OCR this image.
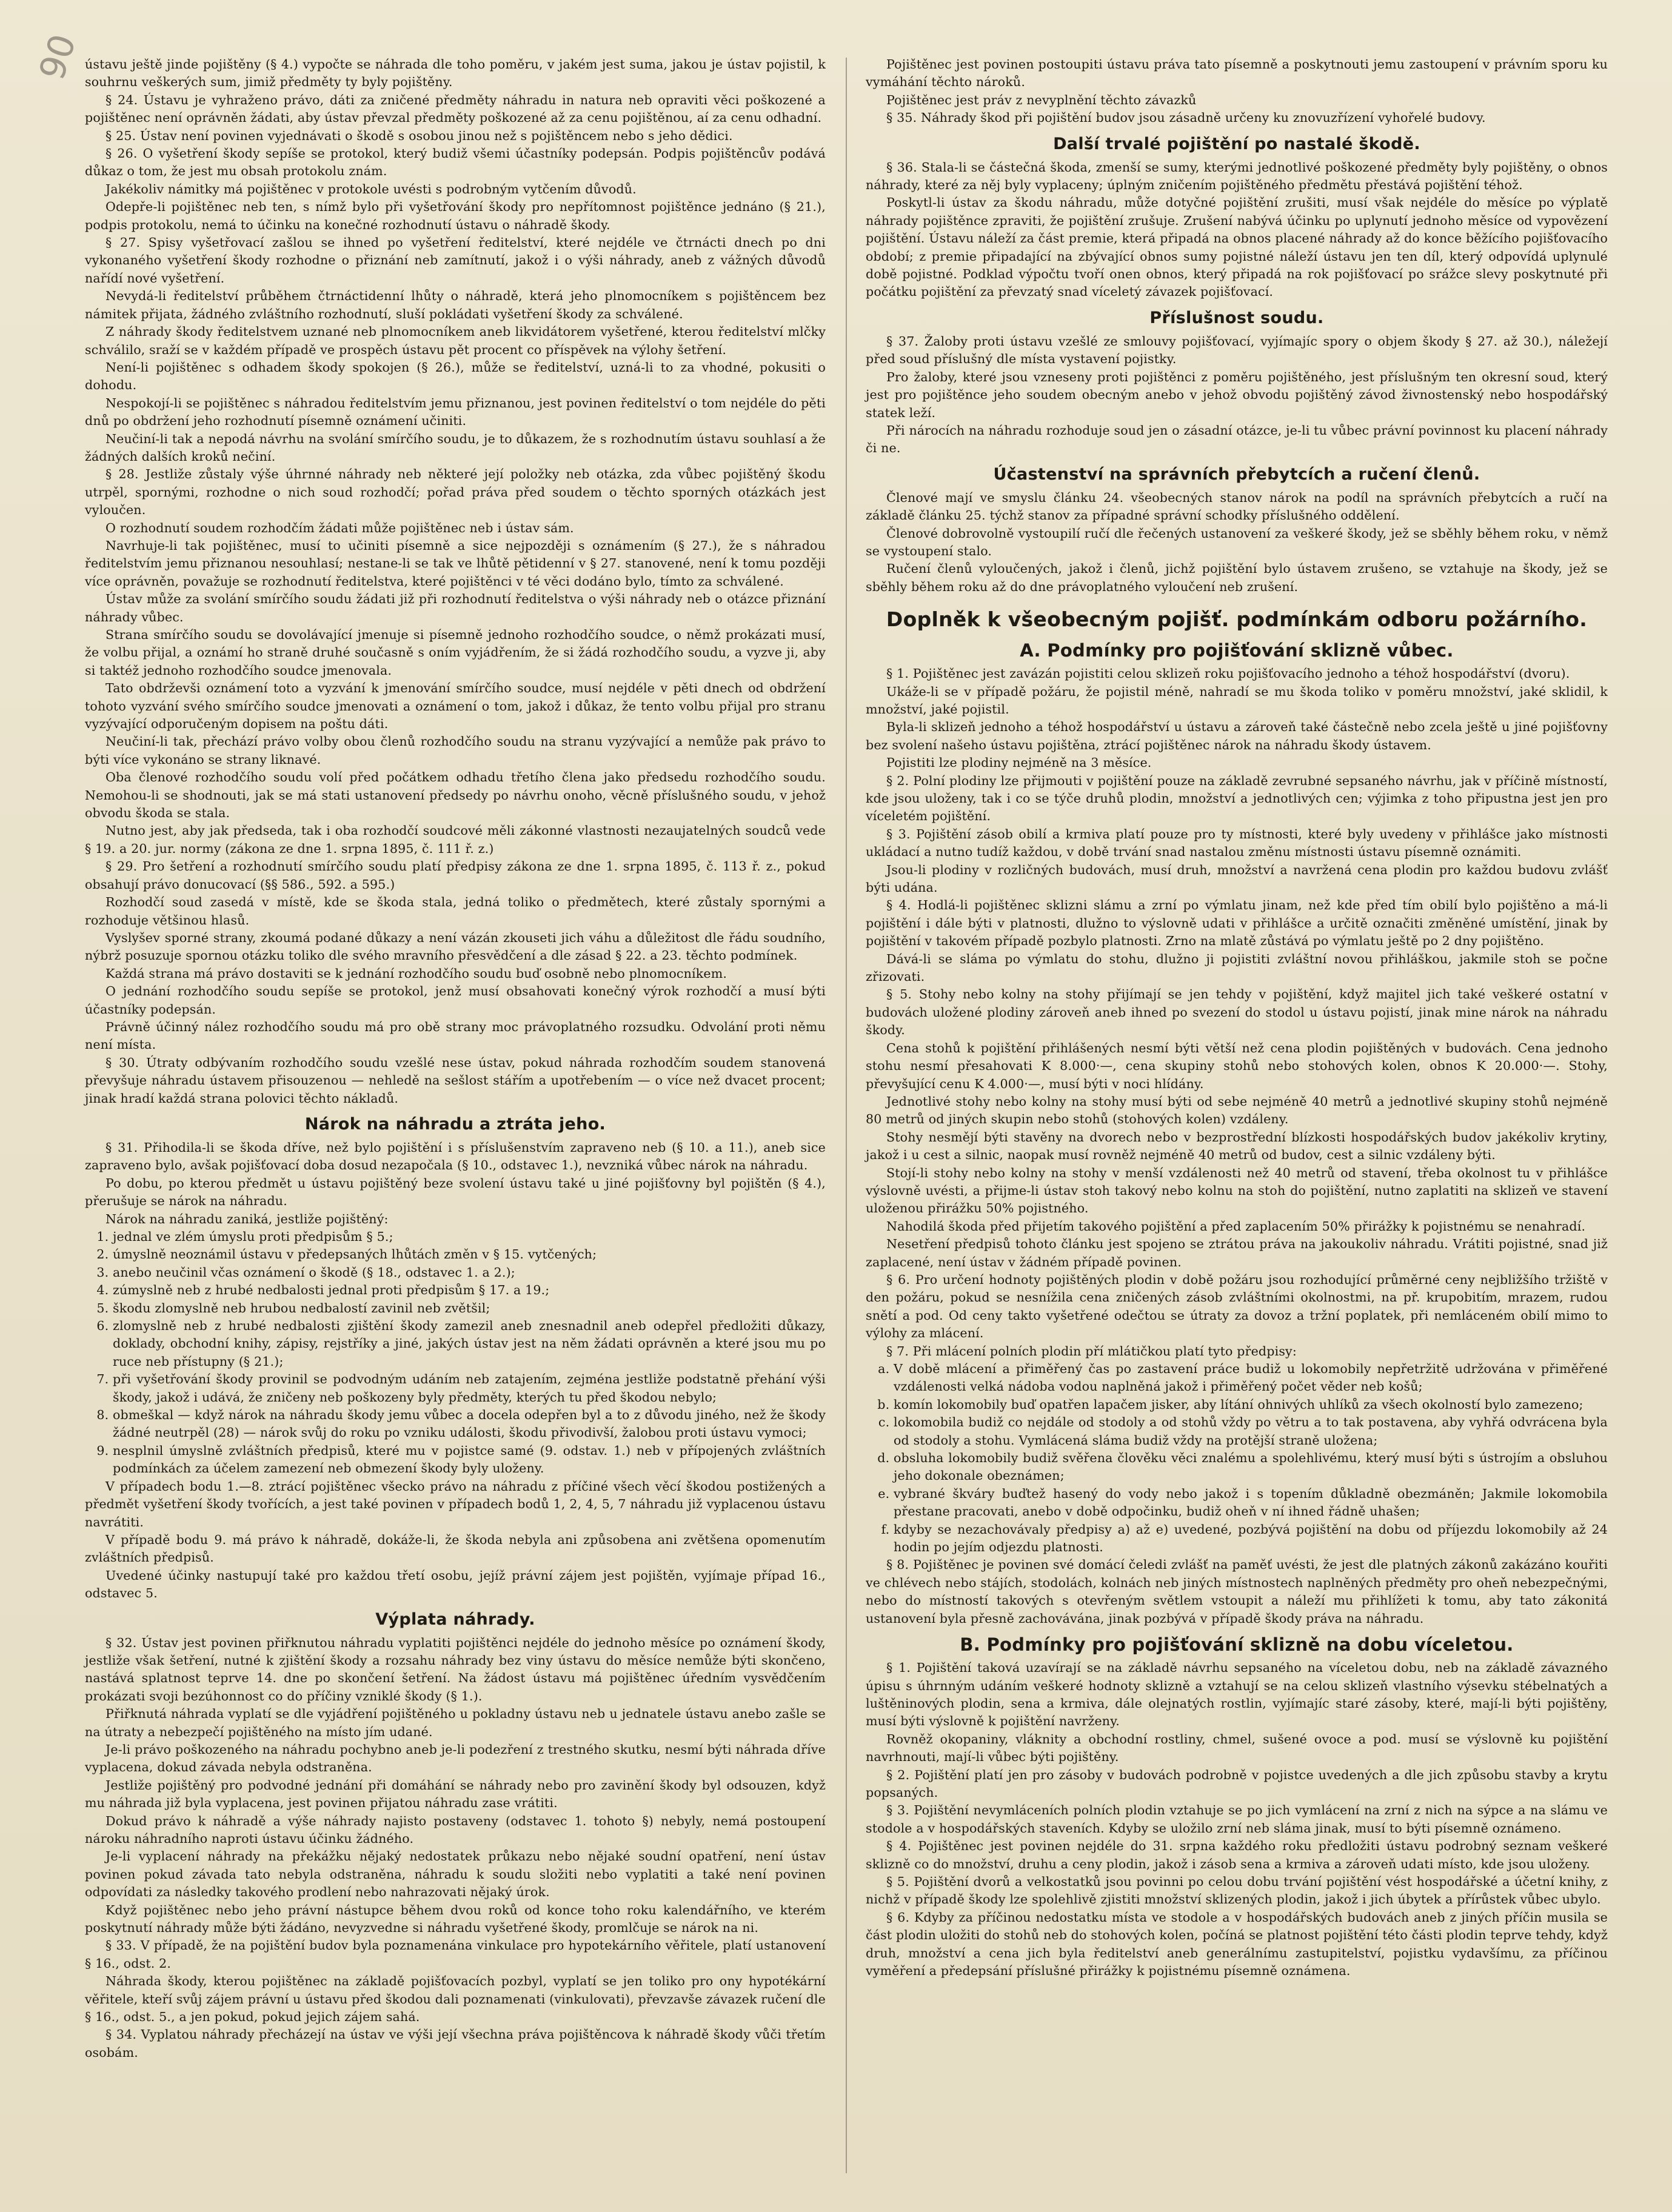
90 ústavu ještě jinde pojištěny (§ 4.) vypočte se náhrada dle toho poměru, v jakém jest suma, jakou je ústav pojistil, k souhrnu veškerých sum, jimiž předměty ty byly pojištěny.

§ 24. Ústavu je vyhraženo právo, dáti za zničené předměty náhradu in natura neb opraviti věci poškozené a pojištěnec není oprávněn žádati, aby ústav převzal předměty poškozené až za cenu pojištěnou, aí za cenu odhadní.

§ 25. Ústav není povinen vyjednávati o škodě s osobou jinou než s pojištěncem nebo s jeho dědici.

§ 26. O vyšetření škody sepíše se protokol, který budiž všemi účastníky podepsán. Podpis pojištěncův podává důkaz o tom, že jest mu obsah protokolu znám.

Jakékoliv námitky má pojištěnec v protokole uvésti s podrobným vytčením důvodů.

Odepře-li pojištěnec neb ten, s nímž bylo při vyšetřování škody pro nepřítomnost pojištěnce jednáno (§ 21.), podpis protokolu, nemá to účinku na konečné rozhodnutí ústavu o náhradě škody.

§ 27. Spisy vyšetřovací zašlou se ihned po vyšetření ředitelství, které nejdéle ve čtrnácti dnech po dni vykonaného vyšetření škody rozhodne o přiznání neb zamítnutí, jakož i o výši náhrady, aneb z vážných důvodů nařídí nové vyšetření.

Nevydá-li ředitelství průběhem čtrnáctidenní lhůty o náhradě, která jeho plnomocníkem s pojištěncem bez námitek přijata, žádného zvláštního rozhodnutí, sluší pokládati vyšetření škody za schválené.

Z náhrady škody ředitelstvem uznané neb plnomocníkem aneb likvidátorem vyšetřené, kterou ředitelství mlčky schválilo, sraží se v každém případě ve prospěch ústavu pět procent co příspěvek na výlohy šetření.

Není-li pojištěnec s odhadem škody spokojen (§ 26.), může se ředitelství, uzná-li to za vhodné, pokusiti o dohodu.

Nespokojí-li se pojištěnec s náhradou ředitelstvím jemu přiznanou, jest povinen ředitelství o tom nejdéle do pěti dnů po obdržení jeho rozhodnutí písemně oznámení učiniti.

Neučiní-li tak a nepodá návrhu na svolání smírčího soudu, je to důkazem, že s rozhodnutím ústavu souhlasí a že žádných dalších kroků nečiní.

§ 28. Jestliže zůstaly výše úhrnné náhrady neb některé její položky neb otázka, zda vůbec pojištěný škodu utrpěl, spornými, rozhodne o nich soud rozhodčí; pořad práva před soudem o těchto sporných otázkách jest vyloučen.

O rozhodnutí soudem rozhodčím žádati může pojištěnec neb i ústav sám.

Navrhuje-li tak pojištěnec, musí to učiniti písemně a sice nejpozději s oznámením (§ 27.), že s náhradou ředitelstvím jemu přiznanou nesouhlasí; nestane-li se tak ve lhůtě pětidenní v § 27. stanovené, není k tomu později více oprávněn, považuje se rozhodnutí ředitelstva, které pojištěnci v té věci dodáno bylo, tímto za schválené.

Ústav může za svolání smírčího soudu žádati již při rozhodnutí ředitelstva o výši náhrady neb o otázce přiznání náhrady vůbec.

Strana smírčího soudu se dovolávající jmenuje si písemně jednoho rozhodčího soudce, o němž prokázati musí, že volbu přijal, a oznámí ho straně druhé současně s oním vyjádřením, že si žádá rozhodčího soudu, a vyzve ji, aby si taktéž jednoho rozhodčího soudce jmenovala.

Tato obdrževši oznámení toto a vyzvání k jmenování smírčího soudce, musí nejdéle v pěti dnech od obdržení tohoto vyzvání svého smírčího soudce jmenovati a oznámení o tom, jakož i důkaz, že tento volbu přijal pro stranu vyzývající odporučeným dopisem na poštu dáti.

Neučiní-li tak, přechází právo volby obou členů rozhodčího soudu na stranu vyzývající a nemůže pak právo to býti více vykonáno se strany liknavé.

Oba členové rozhodčího soudu volí před počátkem odhadu třetího člena jako předsedu rozhodčího soudu. Nemohou-li se shodnouti, jak se má stati ustanovení předsedy po návrhu onoho, věcně příslušného soudu, v jehož obvodu škoda se stala.

Nutno jest, aby jak předseda, tak i oba rozhodčí soudcové měli zákonné vlastnosti nezaujatelných soudců vede § 19. a 20. jur. normy (zákona ze dne 1. srpna 1895, č. 111 ř. z.)

§ 29. Pro šetření a rozhodnutí smírčího soudu platí předpisy zákona ze dne 1. srpna 1895, č. 113 ř. z., pokud obsahují právo donucovací (§§ 586., 592. a 595.)

Rozhodčí soud zasedá v místě, kde se škoda stala, jedná toliko o předmětech, které zůstaly spornými a rozhoduje většinou hlasů.

Vyslyšev sporné strany, zkoumá podané důkazy a není vázán zkouseti jich váhu a důležitost dle řádu soudního, nýbrž posuzuje spornou otázku toliko dle svého mravního přesvědčení a dle zásad § 22. a 23. těchto podmínek.

Každá strana má právo dostaviti se k jednání rozhodčího soudu buď osobně nebo plnomocníkem.

O jednání rozhodčího soudu sepíše se protokol, jenž musí obsahovati konečný výrok rozhodčí a musí býti účastníky podepsán.

Právně účinný nález rozhodčího soudu má pro obě strany moc právoplatného rozsudku. Odvolání proti němu není místa.

§ 30. Útraty odbývaním rozhodčího soudu vzešlé nese ústav, pokud náhrada rozhodčím soudem stanovená převyšuje náhradu ústavem přisouzenou — nehledě na sešlost stářím a upotřebením — o více než dvacet procent; jinak hradí každá strana polovici těchto nákladů.

Nárok na náhradu a ztráta jeho.

§ 31. Přihodila-li se škoda dříve, než bylo pojištění i s příslušenstvím zapraveno neb (§ 10. a 11.), aneb sice zapraveno bylo, avšak pojišťovací doba dosud nezapočala (§ 10., odstavec 1.), nevzniká vůbec nárok na náhradu.

Po dobu, po kterou předmět u ústavu pojištěný beze svolení ústavu také u jiné pojišťovny byl pojištěn (§ 4.), přerušuje se nárok na náhradu.

Nárok na náhradu zaniká, jestliže pojištěný:

1. jednal ve zlém úmyslu proti předpisům § 5.;
2. úmyslně neoznámil ústavu v předepsaných lhůtách změn v § 15. vytčených;
3. anebo neučinil včas oznámení o škodě (§ 18., odstavec 1. a 2.);
4. zúmyslně neb z hrubé nedbalosti jednal proti předpisům § 17. a 19.;
5. škodu zlomyslně neb hrubou nedbalostí zavinil neb zvětšil;
6. zlomyslně neb z hrubé nedbalosti zjištění škody zamezil aneb znesnadnil aneb odepřel předložiti důkazy, doklady, obchodní knihy, zápisy, rejstříky a jiné, jakých ústav jest na něm žádati oprávněn a které jsou mu po ruce neb přístupny (§ 21.);
7. při vyšetřování škody provinil se podvodným udáním neb zatajením, zejména jestliže podstatně přehání výši škody, jakož i udává, že zničeny neb poškozeny byly předměty, kterých tu před škodou nebylo;
8. obmeškal — když nárok na náhradu škody jemu vůbec a docela odepřen byl a to z důvodu jiného, než že škody žádné neutrpěl (28) — nárok svůj do roku po vzniku události, škodu přivodivší, žalobou proti ústavu vymoci;
9. nesplnil úmyslně zvláštních předpisů, které mu v pojistce samé (9. odstav. 1.) neb v přípojených zvláštních podmínkách za účelem zamezení neb obmezení škody byly uloženy.

V případech bodu 1.—8. ztrácí pojištěnec všecko právo na náhradu z příčiné všech věcí škodou postižených a předmět vyšetření škody tvořících, a jest také povinen v případech bodů 1, 2, 4, 5, 7 náhradu již vyplacenou ústavu navrátiti.

V případě bodu 9. má právo k náhradě, dokáže-li, že škoda nebyla ani způsobena ani zvětšena opomenutím zvláštních předpisů.

Uvedené účinky nastupují také pro každou třetí osobu, jejíž právní zájem jest pojištěn, vyjímaje případ 16., odstavec 5.

Výplata náhrady.

§ 32. Ústav jest povinen přiřknutou náhradu vyplatiti pojištěnci nejdéle do jednoho měsíce po oznámení škody, jestliže však šetření, nutné k zjištění škody a rozsahu náhrady bez viny ústavu do měsíce nemůže býti skončeno, nastává splatnost teprve 14. dne po skončení šetření. Na žádost ústavu má pojištěnec úředním vysvědčením prokázati svoji bezúhonnost co do příčiny vzniklé škody (§ 1.).

Přiřknutá náhrada vyplatí se dle vyjádření pojištěného u pokladny ústavu neb u jednatele ústavu anebo zašle se na útraty a nebezpečí pojištěného na místo jím udané.

Je-li právo poškozeného na náhradu pochybno aneb je-li podezření z trestného skutku, nesmí býti náhrada dříve vyplacena, dokud závada nebyla odstraněna.

Jestliže pojištěný pro podvodné jednání při domáhání se náhrady nebo pro zavinění škody byl odsouzen, když mu náhrada již byla vyplacena, jest povinen přijatou náhradu zase vrátiti.

Dokud právo k náhradě a výše náhrady najisto postaveny (odstavec 1. tohoto §) nebyly, nemá postoupení nároku náhradního naproti ústavu účinku žádného.

Je-li vyplacení náhrady na překážku nějaký nedostatek průkazu nebo nějaké soudní opatření, není ústav povinen pokud závada tato nebyla odstraněna, náhradu k soudu složiti nebo vyplatiti a také není povinen odpovídati za následky takového prodlení nebo nahrazovati nějaký úrok.

Když pojištěnec nebo jeho právní nástupce během dvou roků od konce toho roku kalendářního, ve kterém poskytnutí náhrady může býti žádáno, nevyzvedne si náhradu vyšetřené škody, promlčuje se nárok na ni.

§ 33. V případě, že na pojištění budov byla poznamenána vinkulace pro hypotekárního věřitele, platí ustanovení § 16., odst. 2.

Náhrada škody, kterou pojištěnec na základě pojišťovacích pozbyl, vyplatí se jen toliko pro ony hypotékární věřitele, kteří svůj zájem právní u ústavu před škodou dali poznamenati (vinkulovati), převzavše závazek ručení dle § 16., odst. 5., a jen pokud, pokud jejich zájem sahá.

§ 34. Vyplatou náhrady přecházejí na ústav ve výši její všechna práva pojištěncova k náhradě škody vůči třetím osobám.

Pojištěnec jest povinen postoupiti ústavu práva tato písemně a poskytnouti jemu zastoupení v právním sporu ku vymáhání těchto nároků.

Pojištěnec jest práv z nevyplnění těchto závazků

§ 35. Náhrady škod při pojištění budov jsou zásadně určeny ku znovuzřízení vyhořelé budovy.

Další trvalé pojištění po nastalé škodě.

§ 36. Stala-li se částečná škoda, zmenší se sumy, kterými jednotlivé poškozené předměty byly pojištěny, o obnos náhrady, které za něj byly vyplaceny; úplným zničením pojištěného předmětu přestává pojištění téhož.

Poskytl-li ústav za škodu náhradu, může dotyčné pojištění zrušiti, musí však nejdéle do měsíce po výplatě náhrady pojištěnce zpraviti, že pojištění zrušuje. Zrušení nabývá účinku po uplynutí jednoho měsíce od vypovězení pojištění. Ústavu náleží za část premie, která připadá na obnos placené náhrady až do konce běžícího pojišťovacího období; z premie připadající na zbývající obnos sumy pojistné náleží ústavu jen ten díl, který odpovídá uplynulé době pojistné. Podklad výpočtu tvoří onen obnos, který připadá na rok pojišťovací po srážce slevy poskytnuté při počátku pojištění za převzatý snad víceletý závazek pojišťovací.

Příslušnost soudu.

§ 37. Žaloby proti ústavu vzešlé ze smlouvy pojišťovací, vyjímajíc spory o objem škody § 27. až 30.), náležejí před soud příslušný dle místa vystavení pojistky.

Pro žaloby, které jsou vzneseny proti pojištěnci z poměru pojištěného, jest příslušným ten okresní soud, který jest pro pojištěnce jeho soudem obecným anebo v jehož obvodu pojištěný závod živnostenský nebo hospodářský statek leží.

Při nárocích na náhradu rozhoduje soud jen o zásadní otázce, je-li tu vůbec právní povinnost ku placení náhrady či ne.

Účastenství na správních přebytcích a ručení členů.

Členové mají ve smyslu článku 24. všeobecných stanov nárok na podíl na správních přebytcích a ručí na základě článku 25. týchž stanov za případné správní schodky příslušného oddělení.

Členové dobrovolně vystoupilí ručí dle řečených ustanovení za veškeré škody, jež se sběhly během roku, v němž se vystoupení stalo.

Ručení členů vyloučených, jakož i členů, jichž pojištění bylo ústavem zrušeno, se vztahuje na škody, jež se sběhly během roku až do dne právoplatného vyloučení neb zrušení.

Doplněk k všeobecným pojišť. podmínkám odboru požárního.
A. Podmínky pro pojišťování sklizně vůbec.

§ 1. Pojištěnec jest zavázán pojistiti celou sklizeň roku pojišťovacího jednoho a téhož hospodářství (dvoru).

Ukáže-li se v případě požáru, že pojistil méně, nahradí se mu škoda toliko v poměru množství, jaké sklidil, k množství, jaké pojistil.

Byla-li sklizeň jednoho a téhož hospodářství u ústavu a zároveň také částečně nebo zcela ještě u jiné pojišťovny bez svolení našeho ústavu pojištěna, ztrácí pojištěnec nárok na náhradu škody ústavem.

Pojistiti lze plodiny nejméně na 3 měsíce.

§ 2. Polní plodiny lze přijmouti v pojištění pouze na základě zevrubné sepsaného návrhu, jak v příčině místností, kde jsou uloženy, tak i co se týče druhů plodin, množství a jednotlivých cen; výjimka z toho připustna jest jen pro víceletém pojištění.

§ 3. Pojištění zásob obilí a krmiva platí pouze pro ty místnosti, které byly uvedeny v přihlášce jako místnosti ukládací a nutno tudíž každou, v době trvání snad nastalou změnu místnosti ústavu písemně oznámiti.

Jsou-li plodiny v rozličných budovách, musí druh, množství a navržená cena plodin pro každou budovu zvlášť býti udána.

§ 4. Hodlá-li pojištěnec sklizni slámu a zrní po výmlatu jinam, než kde před tím obilí bylo pojištěno a má-li pojištění i dále býti v platnosti, dlužno to výslovně udati v přihlášce a určitě označiti změněné umístění, jinak by pojištění v takovém případě pozbylo platnosti. Zrno na mlatě zůstává po výmlatu ještě po 2 dny pojištěno.

Dává-li se sláma po výmlatu do stohu, dlužno ji pojistiti zvláštní novou přihláškou, jakmile stoh se počne zřizovati.

§ 5. Stohy nebo kolny na stohy přijímají se jen tehdy v pojištění, když majitel jich také veškeré ostatní v budovách uložené plodiny zároveň aneb ihned po svezení do stodol u ústavu pojistí, jinak mine nárok na náhradu škody.

Cena stohů k pojištění přihlášených nesmí býti větší než cena plodin pojištěných v budovách. Cena jednoho stohu nesmí přesahovati K 8.000·—, cena skupiny stohů nebo stohových kolen, obnos K 20.000·—. Stohy, převyšující cenu K 4.000·—, musí býti v noci hlídány.

Jednotlivé stohy nebo kolny na stohy musí býti od sebe nejméně 40 metrů a jednotlivé skupiny stohů nejméně 80 metrů od jiných skupin nebo stohů (stohových kolen) vzdáleny.

Stohy nesmějí býti stavěny na dvorech nebo v bezprostřední blízkosti hospodářských budov jakékoliv krytiny, jakož i u cest a silnic, naopak musí rovněž nejméně 40 metrů od budov, cest a silnic vzdáleny býti.

Stojí-li stohy nebo kolny na stohy v menší vzdálenosti než 40 metrů od stavení, třeba okolnost tu v přihlášce výslovně uvésti, a přijme-li ústav stoh takový nebo kolnu na stoh do pojištění, nutno zaplatiti na sklizeň ve stavení uloženou přirážku 50% pojistného.

Nahodilá škoda před přijetím takového pojištění a před zaplacením 50% přirážky k pojistnému se nenahradí.

Nesetření předpisů tohoto článku jest spojeno se ztrátou práva na jakoukoliv náhradu. Vrátiti pojistné, snad již zaplacené, není ústav v žádném případě povinen.

§ 6. Pro určení hodnoty pojištěných plodin v době požáru jsou rozhodující průměrné ceny nejbližšího tržiště v den požáru, pokud se nesnížila cena zničených zásob zvláštními okolnostmi, na př. krupobitím, mrazem, rudou snětí a pod. Od ceny takto vyšetřené odečtou se útraty za dovoz a tržní poplatek, při nemláceném obilí mimo to výlohy za mlácení.

§ 7. Při mlácení polních plodin pří mlátičkou platí tyto předpisy:

a. V době mlácení a přiměřený čas po zastavení práce budiž u lokomobily nepřetržitě udržována v přiměřené vzdálenosti velká nádoba vodou naplněná jakož i přiměřený počet věder neb košů;
b. komín lokomobily buď opatřen lapačem jisker, aby lítání ohnivých uhlíků za všech okolností bylo zamezeno;
c. lokomobila budiž co nejdále od stodoly a od stohů vždy po větru a to tak postavena, aby vyhřá odvrácena byla od stodoly a stohu. Vymlácená sláma budiž vždy na protější straně uložena;
d. obsluha lokomobily budiž svěřena člověku věci znalému a spolehlivému, který musí býti s ústrojím a obsluhou jeho dokonale obeznámen;
e. vybrané škváry buďtež hasený do vody nebo jakož i s topením důkladně obezmáněn; Jakmile lokomobila přestane pracovati, anebo v době odpočinku, budiž oheň v ní ihned řádně uhašen;
f. kdyby se nezachovávaly předpisy a) až e) uvedené, pozbývá pojištění na dobu od příjezdu lokomobily až 24 hodin po jejím odjezdu platnosti.

§ 8. Pojištěnec je povinen své domácí čeledi zvlášť na paměť uvésti, že jest dle platných zákonů zakázáno kouřiti ve chlévech nebo stájích, stodolách, kolnách neb jiných místnostech naplněných předměty pro oheň nebezpečnými, nebo do místností takových s otevřeným světlem vstoupit a náleží mu přihlížeti k tomu, aby tato zákonitá ustanovení byla přesně zachovávána, jinak pozbývá v případě škody práva na náhradu.

B. Podmínky pro pojišťování sklizně na dobu víceletou.

§ 1. Pojištění taková uzavírají se na základě návrhu sepsaného na víceletou dobu, neb na základě závazného úpisu s úhrnným udáním veškeré hodnoty sklizně a vztahují se na celou sklizeň vlastního výsevku stébelnatých a luštěninových plodin, sena a krmiva, dále olejnatých rostlin, vyjímajíc staré zásoby, které, mají-li býti pojištěny, musí býti výslovně k pojištění navrženy.

Rovněž okopaniny, vláknity a obchodní rostliny, chmel, sušené ovoce a pod. musí se výslovně ku pojištění navrhnouti, mají-li vůbec býti pojištěny.

§ 2. Pojištění platí jen pro zásoby v budovách podrobně v pojistce uvedených a dle jich způsobu stavby a krytu popsaných.

§ 3. Pojištění nevymláceních polních plodin vztahuje se po jich vymlácení na zrní z nich na sýpce a na slámu ve stodole a v hospodářských staveních. Kdyby se uložilo zrní neb sláma jinak, musí to býti písemně oznámeno.

§ 4. Pojištěnec jest povinen nejdéle do 31. srpna každého roku předložiti ústavu podrobný seznam veškeré sklizně co do množství, druhu a ceny plodin, jakož i zásob sena a krmiva a zároveň udati místo, kde jsou uloženy.

§ 5. Pojištění dvorů a velkostatků jsou povinni po celou dobu trvání pojištění vést hospodářské a účetní knihy, z nichž v případě škody lze spolehlivě zjistiti množství sklizených plodin, jakož i jich úbytek a přírůstek vůbec ubylo.

§ 6. Kdyby za příčinou nedostatku místa ve stodole a v hospodářských budovách aneb z jiných příčin musila se část plodin uložiti do stohů neb do stohových kolen, počíná se platnost pojištění této části plodin teprve tehdy, když druh, množství a cena jich byla ředitelství aneb generálnímu zastupitelství, pojistku vydavšímu, za příčinou vyměření a předepsání příslušné přirážky k pojistnému písemně oznámena.
